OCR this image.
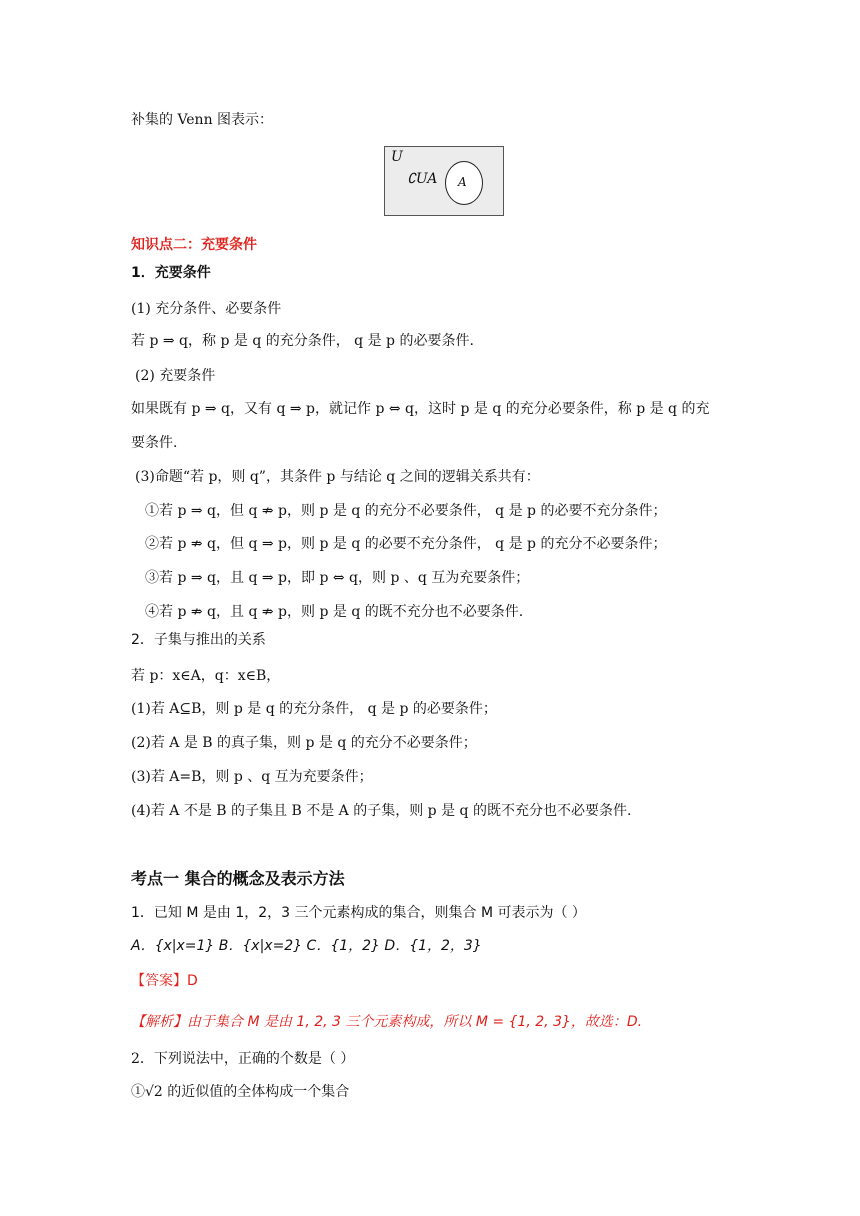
补集的 Venn 图表示：
U
∁UA A
知识点二：充要条件
1．充要条件
(1) 充分条件、必要条件
若 p ⇒ q，称 p 是 q 的充分条件， q 是 p 的必要条件.
(2) 充要条件
如果既有 p ⇒ q，又有 q ⇒ p，就记作 p ⇔ q，这时 p 是 q 的充分必要条件，称 p 是 q 的充
要条件.
(3)命题“若 p，则 q”，其条件 p 与结论 q 之间的逻辑关系共有：
①若 p ⇒ q，但 q ⇏ p，则 p 是 q 的充分不必要条件， q 是 p 的必要不充分条件；
②若 p ⇏ q，但 q ⇒ p，则 p 是 q 的必要不充分条件， q 是 p 的充分不必要条件；
③若 p ⇒ q，且 q ⇒ p，即 p ⇔ q，则 p 、q 互为充要条件；
④若 p ⇏ q，且 q ⇏ p，则 p 是 q 的既不充分也不必要条件.
2．子集与推出的关系
若 p：x∈A，q：x∈B，
(1)若 A⊆B，则 p 是 q 的充分条件， q 是 p 的必要条件；
(2)若 A 是 B 的真子集，则 p 是 q 的充分不必要条件；
(3)若 A=B，则 p 、q 互为充要条件；
(4)若 A 不是 B 的子集且 B 不是 A 的子集，则 p 是 q 的既不充分也不必要条件.
考点一 集合的概念及表示方法
1．已知 M 是由 1，2，3 三个元素构成的集合，则集合 M 可表示为（ ）
A．{x|x=1} B．{x|x=2} C．{1，2} D．{1，2，3}
【答案】D
【解析】由于集合 M 是由 1, 2, 3 三个元素构成，所以 M = {1, 2, 3}，故选：D.
2．下列说法中，正确的个数是（ ）
①√2 的近似值的全体构成一个集合
